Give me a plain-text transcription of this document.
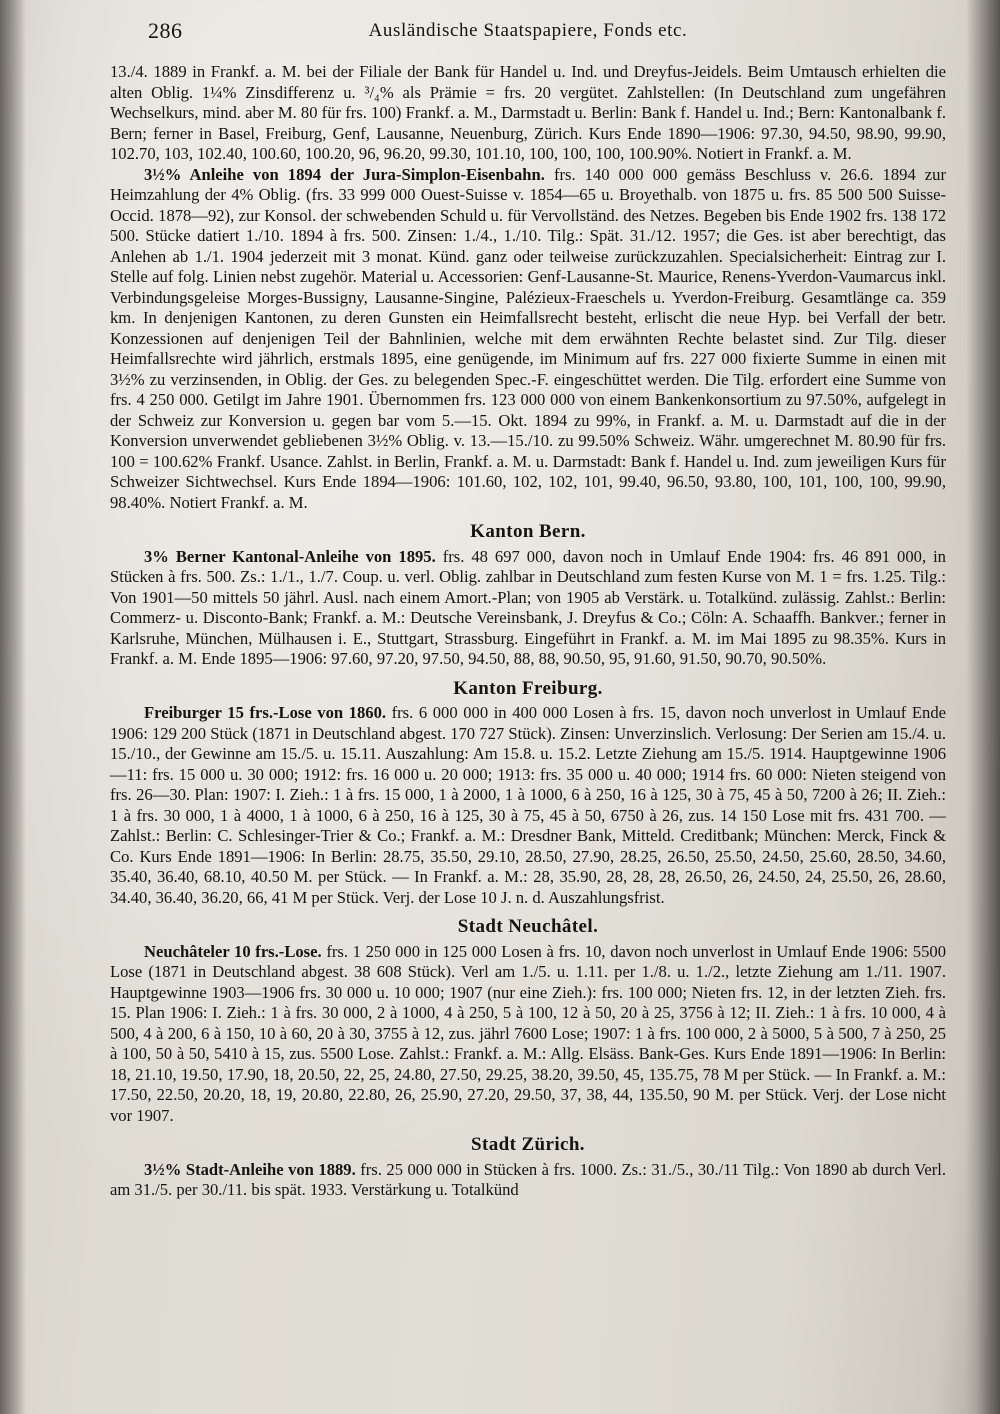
286	Ausländische Staatspapiere, Fonds etc.

13./4. 1889 in Frankf. a. M. bei der Filiale der Bank für Handel u. Ind. und Dreyfus-Jeidels. Beim Umtausch erhielten die alten Oblig. 1¼% Zinsdifferenz u. ³/₄% als Prämie = frs. 20 vergütet. Zahlstellen: (In Deutschland zum ungefähren Wechselkurs, mind. aber M. 80 für frs. 100) Frankf. a. M., Darmstadt u. Berlin: Bank f. Handel u. Ind.; Bern: Kantonalbank f. Bern; ferner in Basel, Freiburg, Genf, Lausanne, Neuenburg, Zürich. Kurs Ende 1890—1906: 97.30, 94.50, 98.90, 99.90, 102.70, 103, 102.40, 100.60, 100.20, 96, 96.20, 99.30, 101.10, 100, 100, 100, 100.90%. Notiert in Frankf. a. M.

3½% Anleihe von 1894 der Jura-Simplon-Eisenbahn. frs. 140 000 000 gemäss Beschluss v. 26.6. 1894 zur Heimzahlung der 4% Oblig. (frs. 33 999 000 Ouest-Suisse v. 1854—65 u. Broyethalb. von 1875 u. frs. 85 500 500 Suisse-Occid. 1878—92), zur Konsol. der schwebenden Schuld u. für Vervollständ. des Netzes. Begeben bis Ende 1902 frs. 138 172 500. Stücke datiert 1./10. 1894 à frs. 500. Zinsen: 1./4., 1./10. Tilg.: Spät. 31./12. 1957; die Ges. ist aber berechtigt, das Anlehen ab 1./1. 1904 jederzeit mit 3 monat. Künd. ganz oder teilweise zurückzuzahlen. Specialsicherheit: Eintrag zur I. Stelle auf folg. Linien nebst zugehör. Material u. Accessorien: Genf-Lausanne-St. Maurice, Renens-Yverdon-Vaumarcus inkl. Verbindungsgeleise Morges-Bussigny, Lausanne-Singine, Palézieux-Fraeschels u. Yverdon-Freiburg. Gesamtlänge ca. 359 km. In denjenigen Kantonen, zu deren Gunsten ein Heimfallsrecht besteht, erlischt die neue Hyp. bei Verfall der betr. Konzessionen auf denjenigen Teil der Bahnlinien, welche mit dem erwähnten Rechte belastet sind. Zur Tilg. dieser Heimfallsrechte wird jährlich, erstmals 1895, eine genügende, im Minimum auf frs. 227 000 fixierte Summe in einen mit 3½% zu verzinsenden, in Oblig. der Ges. zu belegenden Spec.-F. eingeschüttet werden. Die Tilg. erfordert eine Summe von frs. 4 250 000. Getilgt im Jahre 1901. Übernommen frs. 123 000 000 von einem Bankenkonsortium zu 97.50%, aufgelegt in der Schweiz zur Konversion u. gegen bar vom 5.—15. Okt. 1894 zu 99%, in Frankf. a. M. u. Darmstadt auf die in der Konversion unverwendet gebliebenen 3½% Oblig. v. 13.—15./10. zu 99.50% Schweiz. Währ. umgerechnet M. 80.90 für frs. 100 = 100.62% Frankf. Usance. Zahlst. in Berlin, Frankf. a. M. u. Darmstadt: Bank f. Handel u. Ind. zum jeweiligen Kurs für Schweizer Sichtwechsel. Kurs Ende 1894—1906: 101.60, 102, 102, 101, 99.40, 96.50, 93.80, 100, 101, 100, 100, 99.90, 98.40%. Notiert Frankf. a. M.

Kanton Bern.

3% Berner Kantonal-Anleihe von 1895. frs. 48 697 000, davon noch in Umlauf Ende 1904: frs. 46 891 000, in Stücken à frs. 500. Zs.: 1./1., 1./7. Coup. u. verl. Oblig. zahlbar in Deutschland zum festen Kurse von M. 1 = frs. 1.25. Tilg.: Von 1901—50 mittels 50 jährl. Ausl. nach einem Amort.-Plan; von 1905 ab Verstärk. u. Totalkünd. zulässig. Zahlst.: Berlin: Commerz- u. Disconto-Bank; Frankf. a. M.: Deutsche Vereinsbank, J. Dreyfus & Co.; Cöln: A. Schaaffh. Bankver.; ferner in Karlsruhe, München, Mülhausen i. E., Stuttgart, Strassburg. Eingeführt in Frankf. a. M. im Mai 1895 zu 98.35%. Kurs in Frankf. a. M. Ende 1895—1906: 97.60, 97.20, 97.50, 94.50, 88, 88, 90.50, 95, 91.60, 91.50, 90.70, 90.50%.

Kanton Freiburg.

Freiburger 15 frs.-Lose von 1860. frs. 6 000 000 in 400 000 Losen à frs. 15, davon noch unverlost in Umlauf Ende 1906: 129 200 Stück (1871 in Deutschland abgest. 170 727 Stück). Zinsen: Unverzinslich. Verlosung: Der Serien am 15./4. u. 15./10., der Gewinne am 15./5. u. 15.11. Auszahlung: Am 15.8. u. 15.2. Letzte Ziehung am 15./5. 1914. Hauptgewinne 1906—11: frs. 15 000 u. 30 000; 1912: frs. 16 000 u. 20 000; 1913: frs. 35 000 u. 40 000; 1914 frs. 60 000: Nieten steigend von frs. 26—30. Plan: 1907: I. Zieh.: 1 à frs. 15 000, 1 à 2000, 1 à 1000, 6 à 250, 16 à 125, 30 à 75, 45 à 50, 7200 à 26; II. Zieh.: 1 à frs. 30 000, 1 à 4000, 1 à 1000, 6 à 250, 16 à 125, 30 à 75, 45 à 50, 6750 à 26, zus. 14 150 Lose mit frs. 431 700. — Zahlst.: Berlin: C. Schlesinger-Trier & Co.; Frankf. a. M.: Dresdner Bank, Mitteld. Creditbank; München: Merck, Finck & Co. Kurs Ende 1891—1906: In Berlin: 28.75, 35.50, 29.10, 28.50, 27.90, 28.25, 26.50, 25.50, 24.50, 25.60, 28.50, 34.60, 35.40, 36.40, 68.10, 40.50 M. per Stück. — In Frankf. a. M.: 28, 35.90, 28, 28, 28, 26.50, 26, 24.50, 24, 25.50, 26, 28.60, 34.40, 36.40, 36.20, 66, 41 M per Stück. Verj. der Lose 10 J. n. d. Auszahlungsfrist.

Stadt Neuchâtel.

Neuchâteler 10 frs.-Lose. frs. 1 250 000 in 125 000 Losen à frs. 10, davon noch unverlost in Umlauf Ende 1906: 5500 Lose (1871 in Deutschland abgest. 38 608 Stück). Verl am 1./5. u. 1.11. per 1./8. u. 1./2., letzte Ziehung am 1./11. 1907. Hauptgewinne 1903—1906 frs. 30 000 u. 10 000; 1907 (nur eine Zieh.): frs. 100 000; Nieten frs. 12, in der letzten Zieh. frs. 15. Plan 1906: I. Zieh.: 1 à frs. 30 000, 2 à 1000, 4 à 250, 5 à 100, 12 à 50, 20 à 25, 3756 à 12; II. Zieh.: 1 à frs. 10 000, 4 à 500, 4 à 200, 6 à 150, 10 à 60, 20 à 30, 3755 à 12, zus. jährl 7600 Lose; 1907: 1 à frs. 100 000, 2 à 5000, 5 à 500, 7 à 250, 25 à 100, 50 à 50, 5410 à 15, zus. 5500 Lose. Zahlst.: Frankf. a. M.: Allg. Elsäss. Bank-Ges. Kurs Ende 1891—1906: In Berlin: 18, 21.10, 19.50, 17.90, 18, 20.50, 22, 25, 24.80, 27.50, 29.25, 38.20, 39.50, 45, 135.75, 78 M per Stück. — In Frankf. a. M.: 17.50, 22.50, 20.20, 18, 19, 20.80, 22.80, 26, 25.90, 27.20, 29.50, 37, 38, 44, 135.50, 90 M. per Stück. Verj. der Lose nicht vor 1907.

Stadt Zürich.

3½% Stadt-Anleihe von 1889. frs. 25 000 000 in Stücken à frs. 1000. Zs.: 31./5., 30./11 Tilg.: Von 1890 ab durch Verl. am 31./5. per 30./11. bis spät. 1933. Verstärkung u. Totalkünd
